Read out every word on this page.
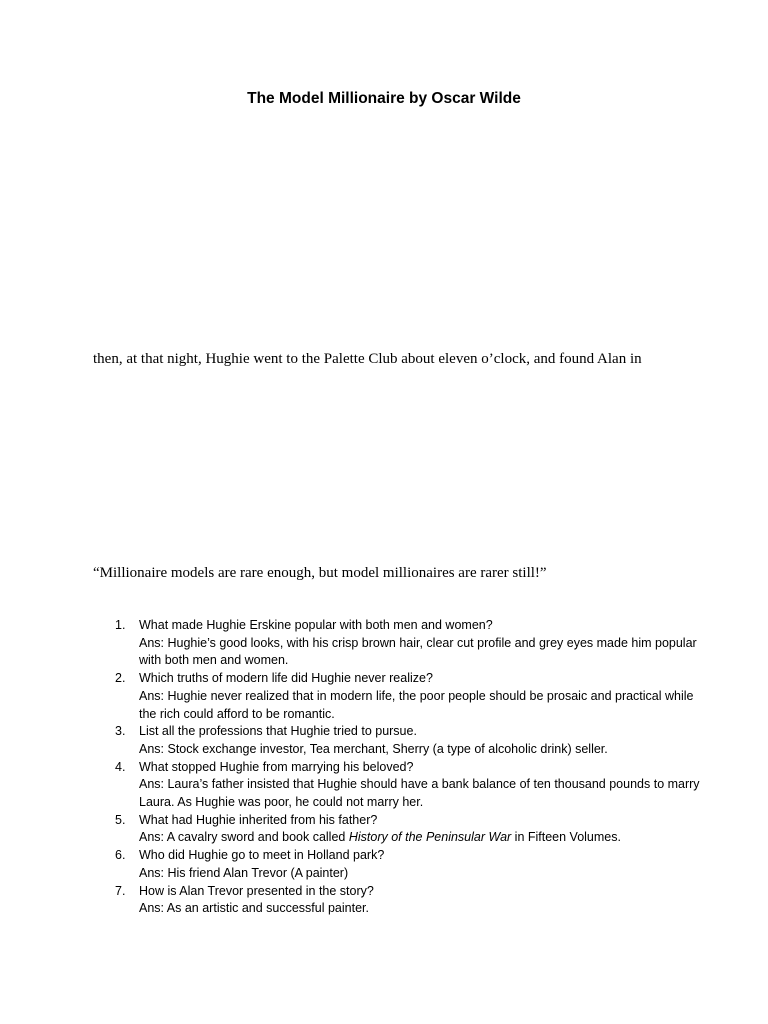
The Model Millionaire by Oscar Wilde
then, at that night, Hughie went to the Palette Club about eleven o’clock, and found Alan in
“Millionaire models are rare enough, but model millionaires are rarer still!”
1. What made Hughie Erskine popular with both men and women?
Ans: Hughie’s good looks, with his crisp brown hair, clear cut profile and grey eyes made him popular with both men and women.
2. Which truths of modern life did Hughie never realize?
Ans: Hughie never realized that in modern life, the poor people should be prosaic and practical while the rich could afford to be romantic.
3. List all the professions that Hughie tried to pursue.
Ans: Stock exchange investor, Tea merchant, Sherry (a type of alcoholic drink) seller.
4. What stopped Hughie from marrying his beloved?
Ans: Laura’s father insisted that Hughie should have a bank balance of ten thousand pounds to marry Laura. As Hughie was poor, he could not marry her.
5. What had Hughie inherited from his father?
Ans: A cavalry sword and book called History of the Peninsular War in Fifteen Volumes.
6. Who did Hughie go to meet in Holland park?
Ans: His friend Alan Trevor (A painter)
7. How is Alan Trevor presented in the story?
Ans: As an artistic and successful painter.
